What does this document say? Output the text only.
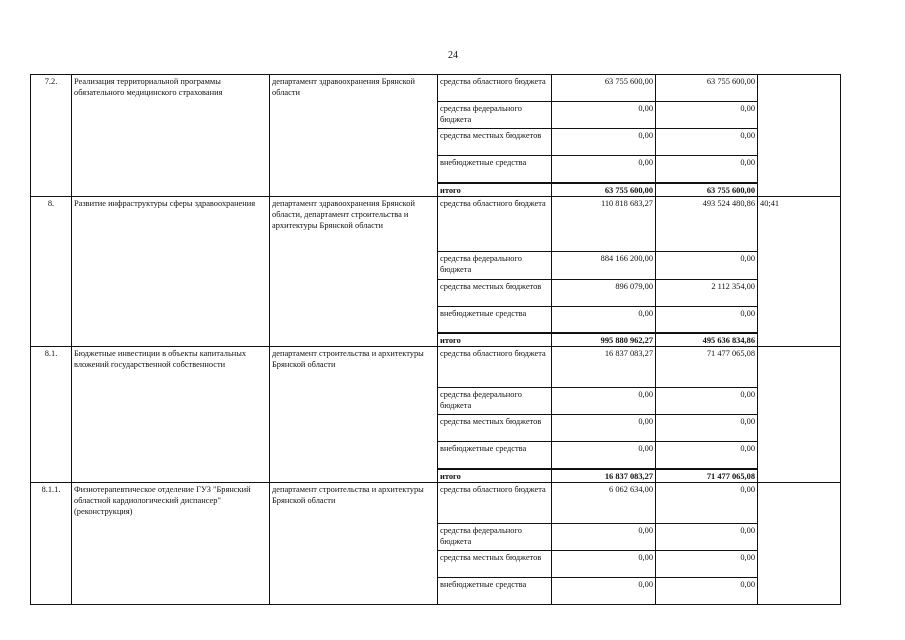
24
7.2.	Реализация территориальной программы обязательного медицинского страхования	департамент здравоохранения Брянской области	средства областного бюджета	63 755 600,00	63 755 600,00	
			средства федерального бюджета	0,00	0,00	
			средства местных бюджетов	0,00	0,00	
			внебюджетные средства	0,00	0,00	
			итого	63 755 600,00	63 755 600,00	
8.	Развитие инфраструктуры сферы здравоохранения	департамент здравоохранения Брянской области, департамент строительства и архитектуры Брянской области	средства областного бюджета	110 818 683,27	493 524 480,86	40;41
			средства федерального бюджета	884 166 200,00	0,00	
			средства местных бюджетов	896 079,00	2 112 354,00	
			внебюджетные средства	0,00	0,00	
			итого	995 880 962,27	495 636 834,86	
8.1.	Бюджетные инвестиции в объекты капитальных вложений государственной собственности	департамент строительства и архитектуры Брянской области	средства областного бюджета	16 837 083,27	71 477 065,08	
			средства федерального бюджета	0,00	0,00	
			средства местных бюджетов	0,00	0,00	
			внебюджетные средства	0,00	0,00	
			итого	16 837 083,27	71 477 065,08	
8.1.1.	Физиотерапевтическое отделение ГУЗ "Брянский областной кардиологический диспансер" (реконструкция)	департамент строительства и архитектуры Брянской области	средства областного бюджета	6 062 634,00	0,00	
			средства федерального бюджета	0,00	0,00	
			средства местных бюджетов	0,00	0,00	
			внебюджетные средства	0,00	0,00	
